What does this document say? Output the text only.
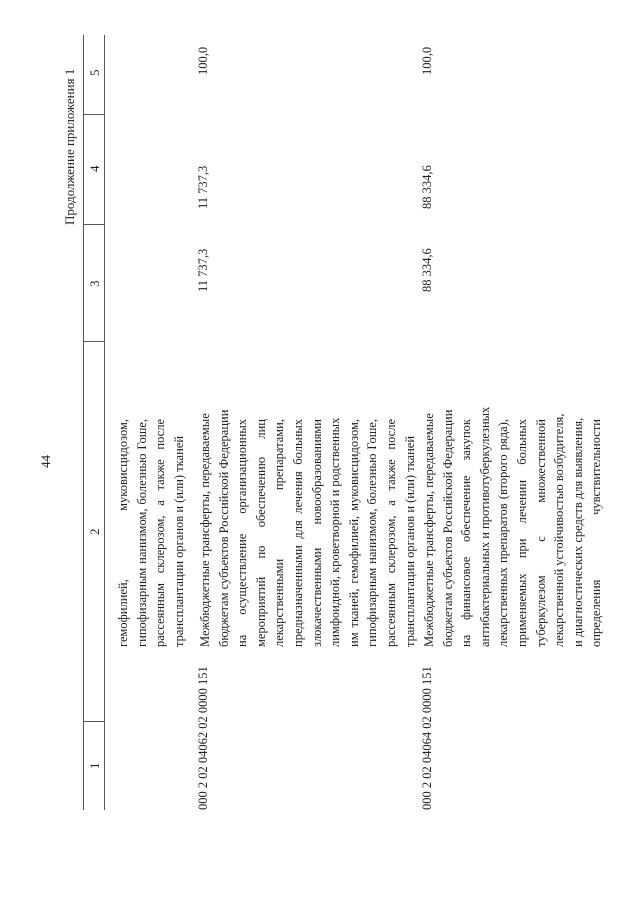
44
Продолжение приложения 1
1
2
3
4
5
гемофилией, муковисцидозом, гипофизарным нанизмом, болезнью Гоше, рассеянным склерозом, а также после трансплантации органов и (или) тканей
000 2 02 04062 02 0000 151
Межбюджетные трансферты, передаваемые бюджетам субъектов Российской Федерации на осуществление организационных мероприятий по обеспечению лиц лекарственными препаратами, предназначенными для лечения больных злокачественными новообразованиями лимфоидной, кроветворной и родственных им тканей, гемофилией, муковисцидозом, гипофизарным нанизмом, болезнью Гоше, рассеянным склерозом, а также после трансплантации органов и (или) тканей
11 737,3
11 737,3
100,0
000 2 02 04064 02 0000 151
Межбюджетные трансферты, передаваемые бюджетам субъектов Российской Федерации на финансовое обеспечение закупок антибактериальных и противотуберкулезных лекарственных препаратов (второго ряда), применяемых при лечении больных туберкулезом с множественной лекарственной устойчивостью возбудителя, и диагностических средств для выявления, определения чувствительности
88 334,6
88 334,6
100,0
